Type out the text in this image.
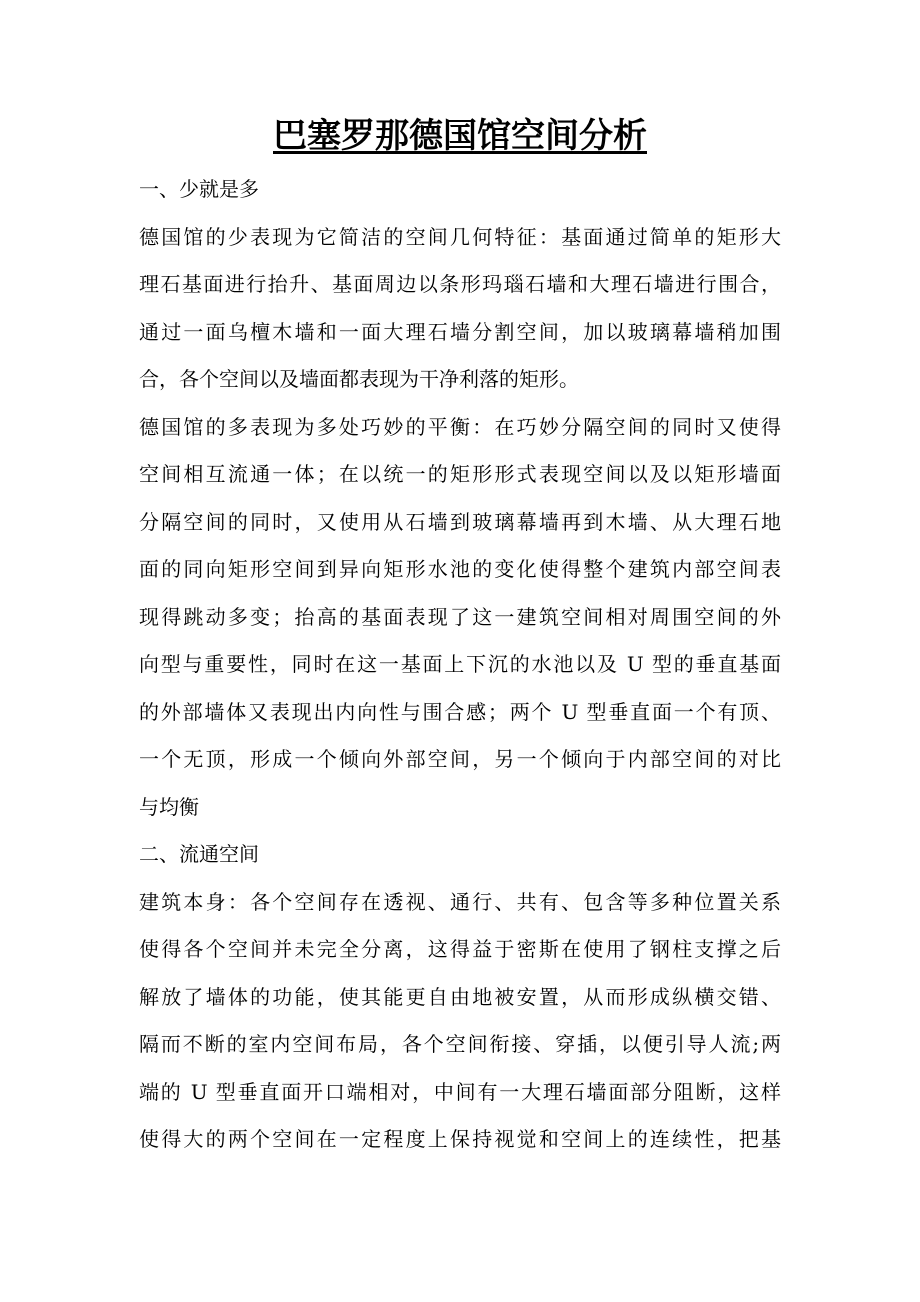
巴塞罗那德国馆空间分析
一、少就是多
德国馆的少表现为它简洁的空间几何特征：基面通过简单的矩形大
理石基面进行抬升、基面周边以条形玛瑙石墙和大理石墙进行围合，
通过一面乌檀木墙和一面大理石墙分割空间，加以玻璃幕墙稍加围
合，各个空间以及墙面都表现为干净利落的矩形。
德国馆的多表现为多处巧妙的平衡：在巧妙分隔空间的同时又使得
空间相互流通一体；在以统一的矩形形式表现空间以及以矩形墙面
分隔空间的同时，又使用从石墙到玻璃幕墙再到木墙、从大理石地
面的同向矩形空间到异向矩形水池的变化使得整个建筑内部空间表
现得跳动多变；抬高的基面表现了这一建筑空间相对周围空间的外
向型与重要性，同时在这一基面上下沉的水池以及 U 型的垂直基面
的外部墙体又表现出内向性与围合感；两个 U 型垂直面一个有顶、
一个无顶，形成一个倾向外部空间，另一个倾向于内部空间的对比
与均衡
二、流通空间
建筑本身：各个空间存在透视、通行、共有、包含等多种位置关系
使得各个空间并未完全分离，这得益于密斯在使用了钢柱支撑之后
解放了墙体的功能，使其能更自由地被安置，从而形成纵横交错、
隔而不断的室内空间布局，各个空间衔接、穿插，以便引导人流;两
端的 U 型垂直面开口端相对，中间有一大理石墙面部分阻断，这样
使得大的两个空间在一定程度上保持视觉和空间上的连续性，把基
